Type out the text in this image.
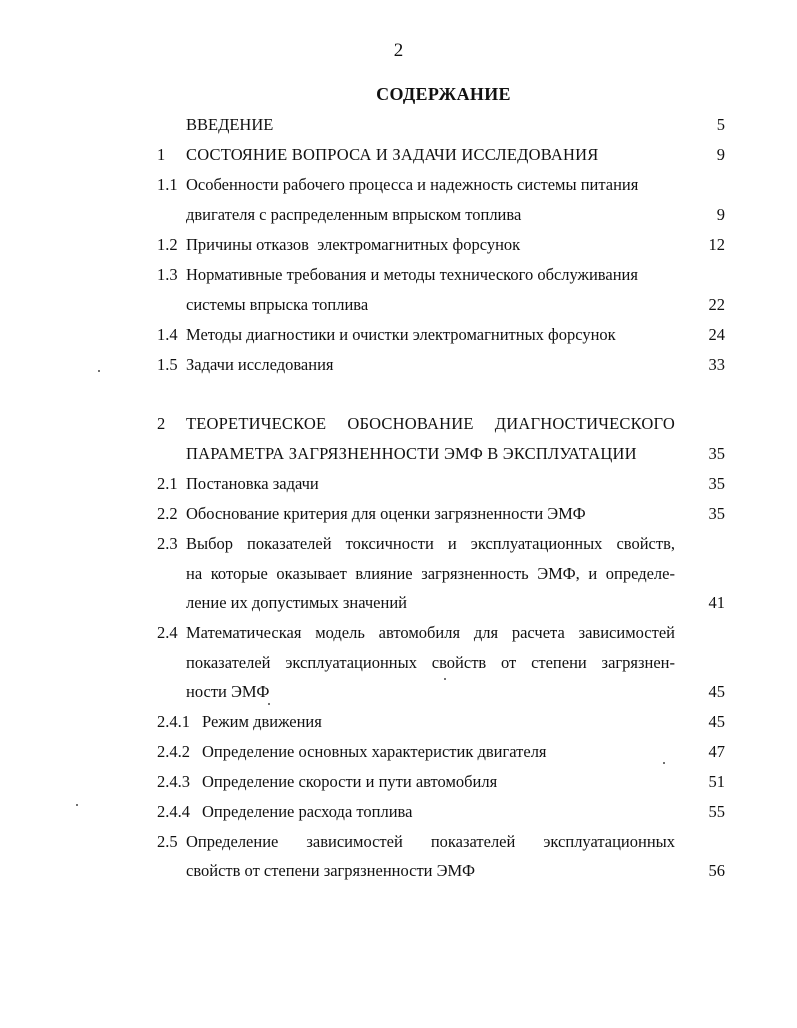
2
СОДЕРЖАНИЕ
ВВЕДЕНИЕ	5
1 СОСТОЯНИЕ ВОПРОСА И ЗАДАЧИ ИССЛЕДОВАНИЯ	9
1.1 Особенности рабочего процесса и надежность системы питания
двигателя с распределенным впрыском топлива	9
1.2 Причины отказов  электромагнитных форсунок	12
1.3 Нормативные требования и методы технического обслуживания
системы впрыска топлива	22
1.4 Методы диагностики и очистки электромагнитных форсунок	24
1.5 Задачи исследования	33
2 ТЕОРЕТИЧЕСКОЕ ОБОСНОВАНИЕ ДИАГНОСТИЧЕСКОГО
ПАРАМЕТРА ЗАГРЯЗНЕННОСТИ ЭМФ В ЭКСПЛУАТАЦИИ	35
2.1 Постановка задачи	35
2.2 Обоснование критерия для оценки загрязненности ЭМФ	35
2.3 Выбор показателей токсичности и эксплуатационных свойств,
на которые оказывает влияние загрязненность ЭМФ, и определе-
ление их допустимых значений	41
2.4 Математическая модель автомобиля для расчета зависимостей
показателей эксплуатационных свойств от степени загрязнен-
ности ЭМФ	45
2.4.1 Режим движения	45
2.4.2 Определение основных характеристик двигателя	47
2.4.3 Определение скорости и пути автомобиля	51
2.4.4 Определение расхода топлива	55
2.5 Определение зависимостей показателей эксплуатационных
свойств от степени загрязненности ЭМФ	56
